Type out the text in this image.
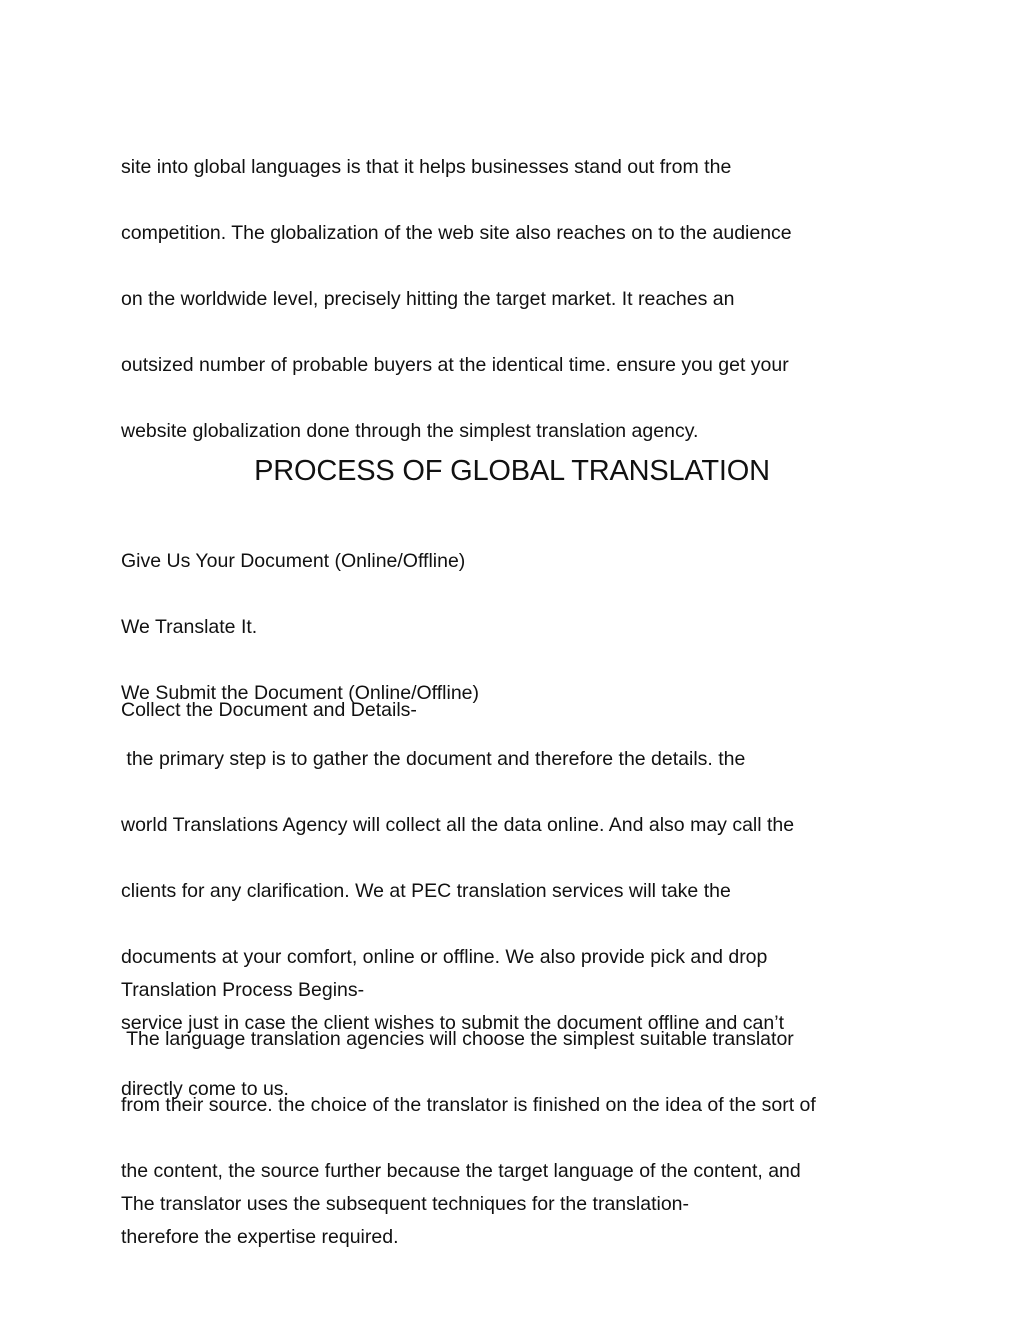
site into global languages is that it helps businesses stand out from the

competition. The globalization of the web site also reaches on to the audience

on the worldwide level, precisely hitting the target market. It reaches an

outsized number of probable buyers at the identical time. ensure you get your

website globalization done through the simplest translation agency.

PROCESS OF GLOBAL TRANSLATION

Give Us Your Document (Online/Offline)

We Translate It.

We Submit the Document (Online/Offline)

Collect the Document and Details-

the primary step is to gather the document and therefore the details. the

world Translations Agency will collect all the data online. And also may call the

clients for any clarification. We at PEC translation services will take the

documents at your comfort, online or offline. We also provide pick and drop

service just in case the client wishes to submit the document offline and can’t

directly come to us.

Translation Process Begins-

The language translation agencies will choose the simplest suitable translator

from their source. the choice of the translator is finished on the idea of the sort of

the content, the source further because the target language of the content, and

therefore the expertise required.

The translator uses the subsequent techniques for the translation-
